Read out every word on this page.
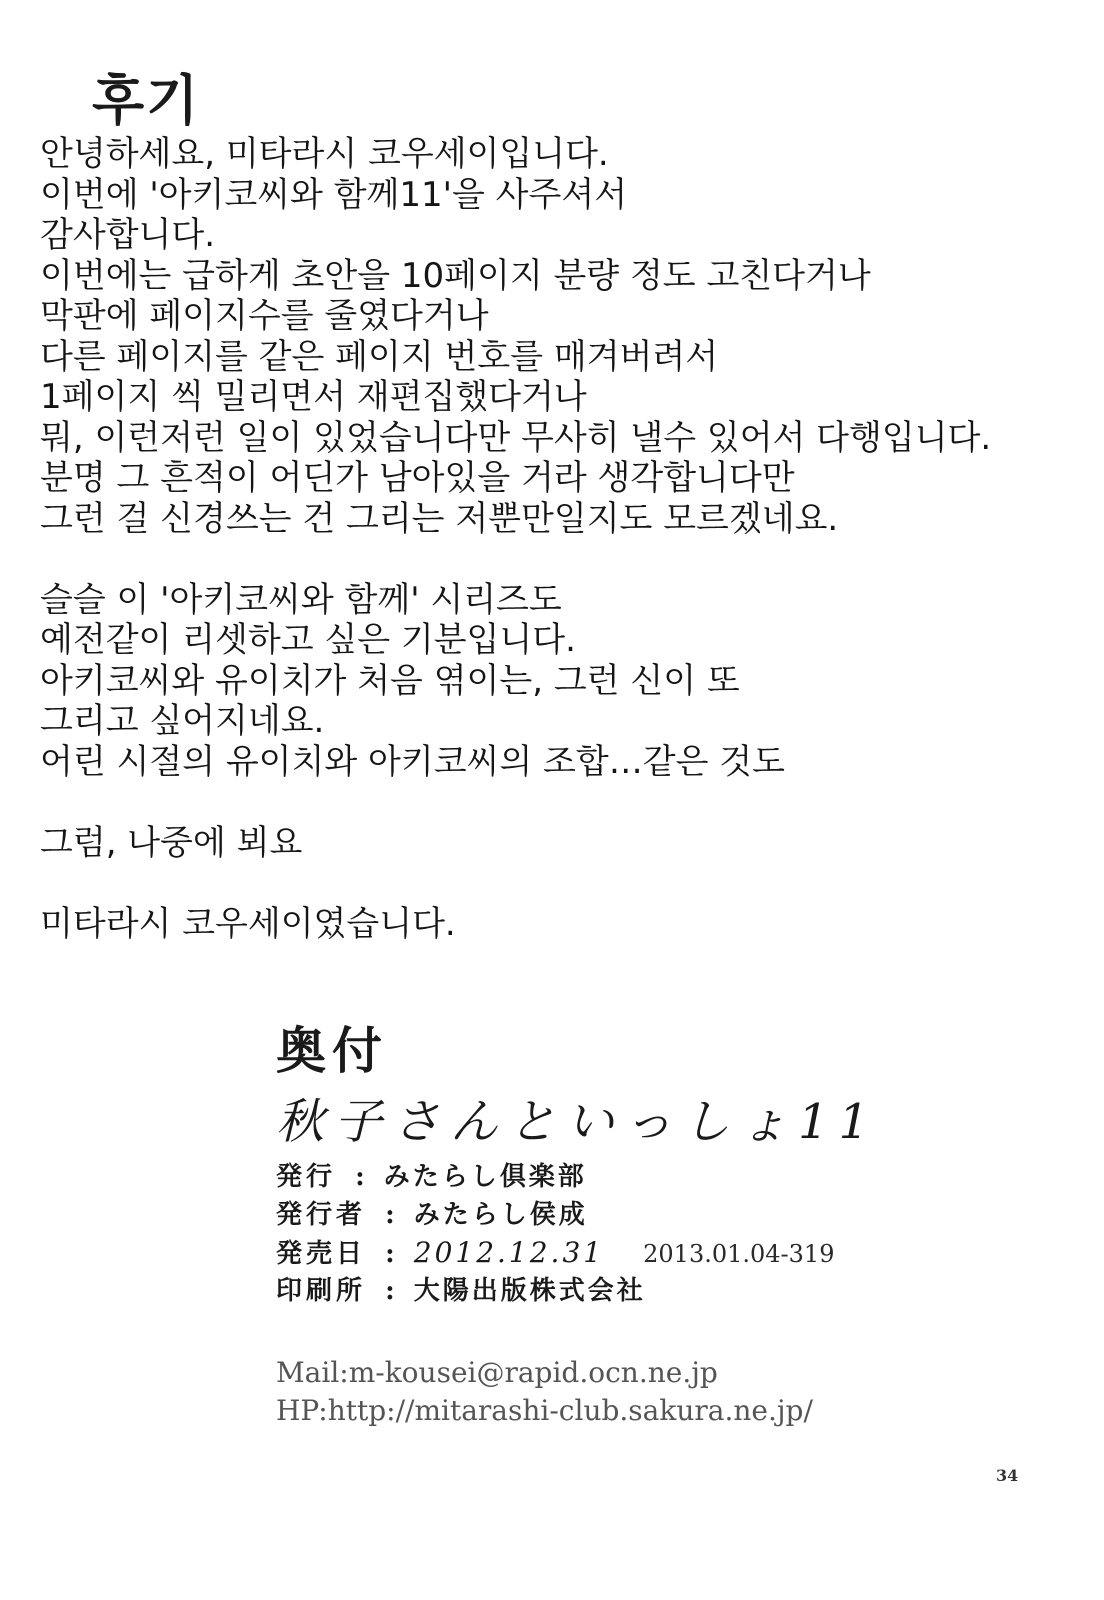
후기
안녕하세요, 미타라시 코우세이입니다.
이번에 '아키코씨와 함께11'을 사주셔서
감사합니다.
이번에는 급하게 초안을 10페이지 분량 정도 고친다거나
막판에 페이지수를 줄였다거나
다른 페이지를 같은 페이지 번호를 매겨버려서
1페이지 씩 밀리면서 재편집했다거나
뭐, 이런저런 일이 있었습니다만 무사히 낼수 있어서 다행입니다.
분명 그 흔적이 어딘가 남아있을 거라 생각합니다만
그런 걸 신경쓰는 건 그리는 저뿐만일지도 모르겠네요.
슬슬 이 '아키코씨와 함께' 시리즈도
예전같이 리셋하고 싶은 기분입니다.
아키코씨와 유이치가 처음 엮이는, 그런 신이 또
그리고 싶어지네요.
어린 시절의 유이치와 아키코씨의 조합…같은 것도
그럼, 나중에 뵈요
미타라시 코우세이였습니다.
奥付
秋子さんといっしょ11
発行 : みたらし倶楽部
発行者 : みたらし侯成
発売日 : 2012.12.31 2013.01.04-319
印刷所 : 大陽出版株式会社
Mail:m-kousei@rapid.ocn.ne.jp
HP:http://mitarashi-club.sakura.ne.jp/
34
